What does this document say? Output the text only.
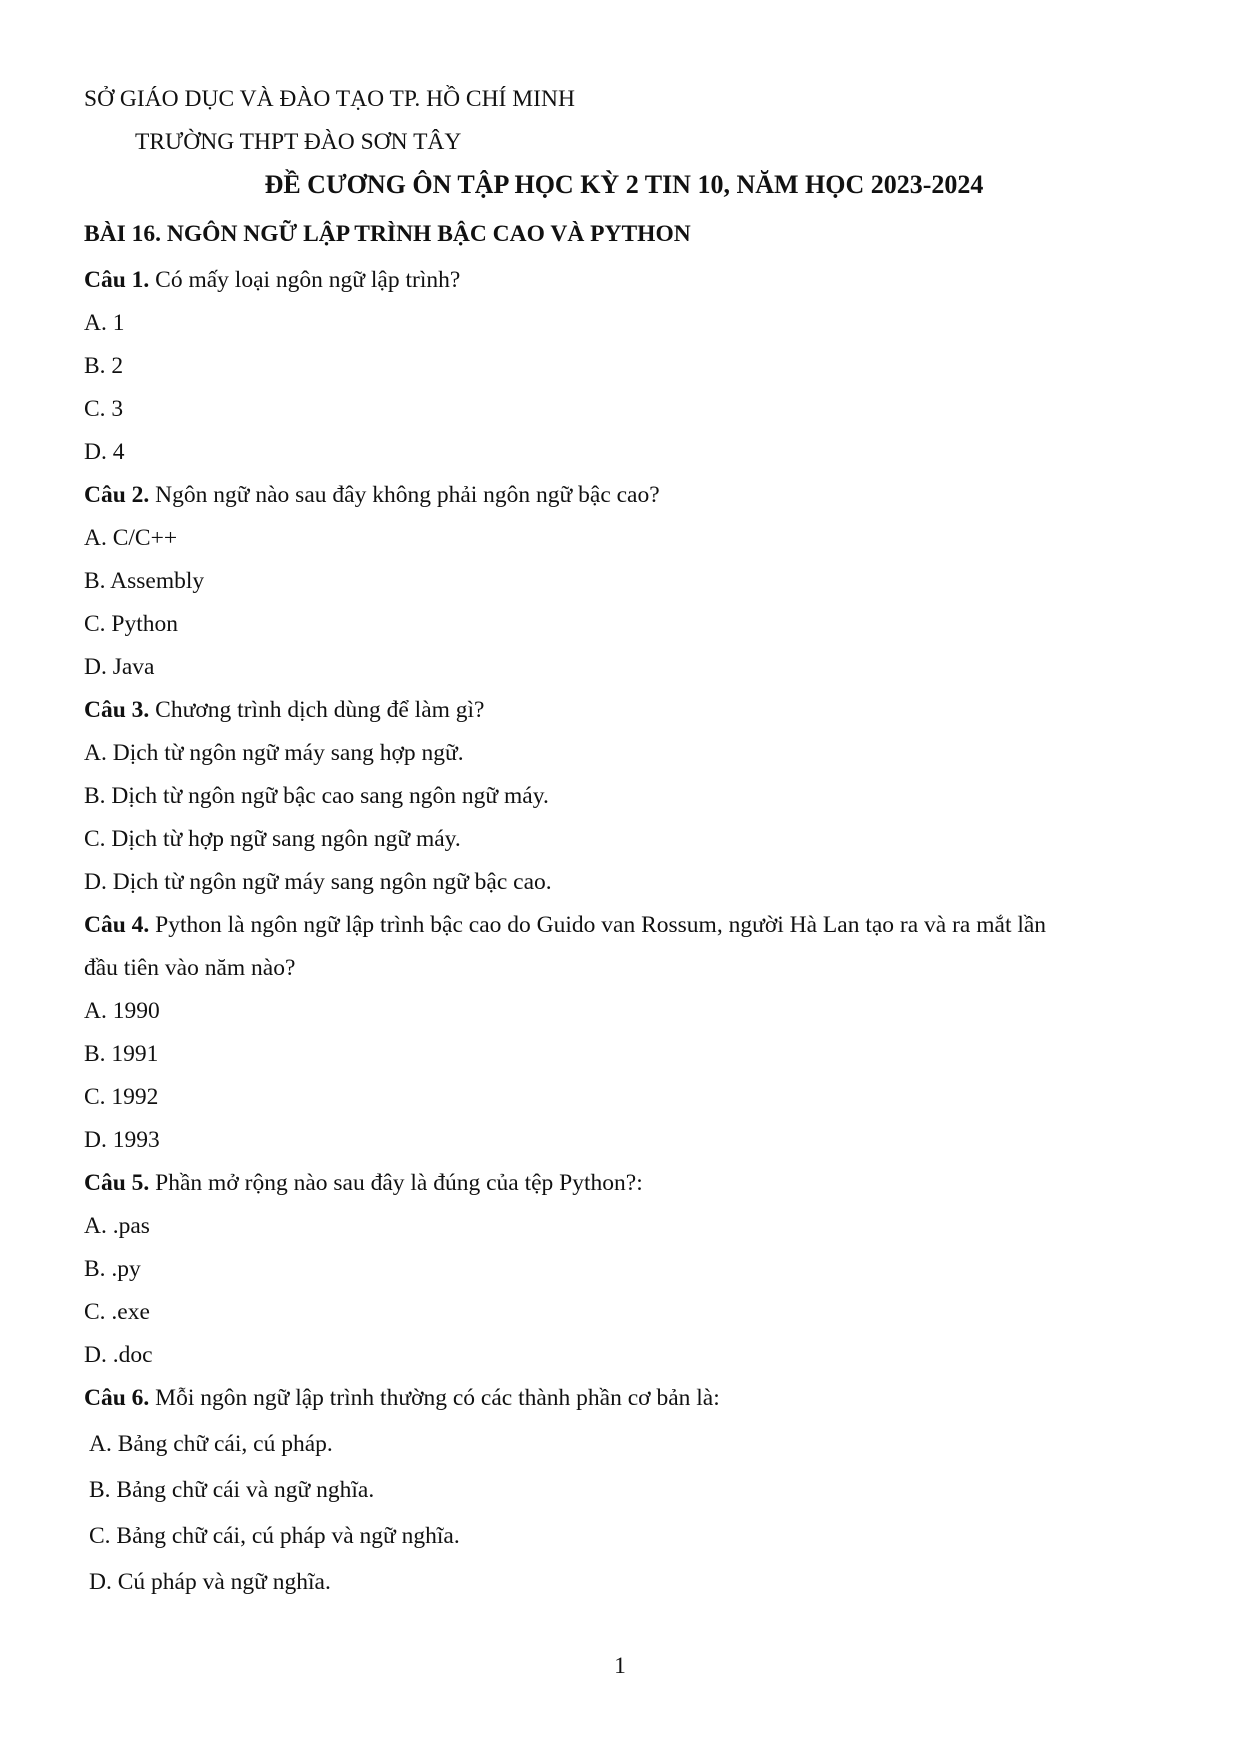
SỞ GIÁO DỤC VÀ ĐÀO TẠO TP. HỒ CHÍ MINH
TRƯỜNG THPT ĐÀO SƠN TÂY
ĐỀ CƯƠNG ÔN TẬP HỌC KỲ 2 TIN 10, NĂM HỌC 2023-2024
BÀI 16. NGÔN NGỮ LẬP TRÌNH BẬC CAO VÀ PYTHON
Câu 1. Có mấy loại ngôn ngữ lập trình?
A. 1
B. 2
C. 3
D. 4
Câu 2. Ngôn ngữ nào sau đây không phải ngôn ngữ bậc cao?
A. C/C++
B. Assembly
C. Python
D. Java
Câu 3. Chương trình dịch dùng để làm gì?
A. Dịch từ ngôn ngữ máy sang hợp ngữ.
B. Dịch từ ngôn ngữ bậc cao sang ngôn ngữ máy.
C. Dịch từ hợp ngữ sang ngôn ngữ máy.
D. Dịch từ ngôn ngữ máy sang ngôn ngữ bậc cao.
Câu 4. Python là ngôn ngữ lập trình bậc cao do Guido van Rossum, người Hà Lan tạo ra và ra mắt lần
đầu tiên vào năm nào?
A. 1990
B. 1991
C. 1992
D. 1993
Câu 5. Phần mở rộng nào sau đây là đúng của tệp Python?:
A. .pas
B. .py
C. .exe
D. .doc
Câu 6. Mỗi ngôn ngữ lập trình thường có các thành phần cơ bản là:
A. Bảng chữ cái, cú pháp.
B. Bảng chữ cái và ngữ nghĩa.
C. Bảng chữ cái, cú pháp và ngữ nghĩa.
D. Cú pháp và ngữ nghĩa.
1
